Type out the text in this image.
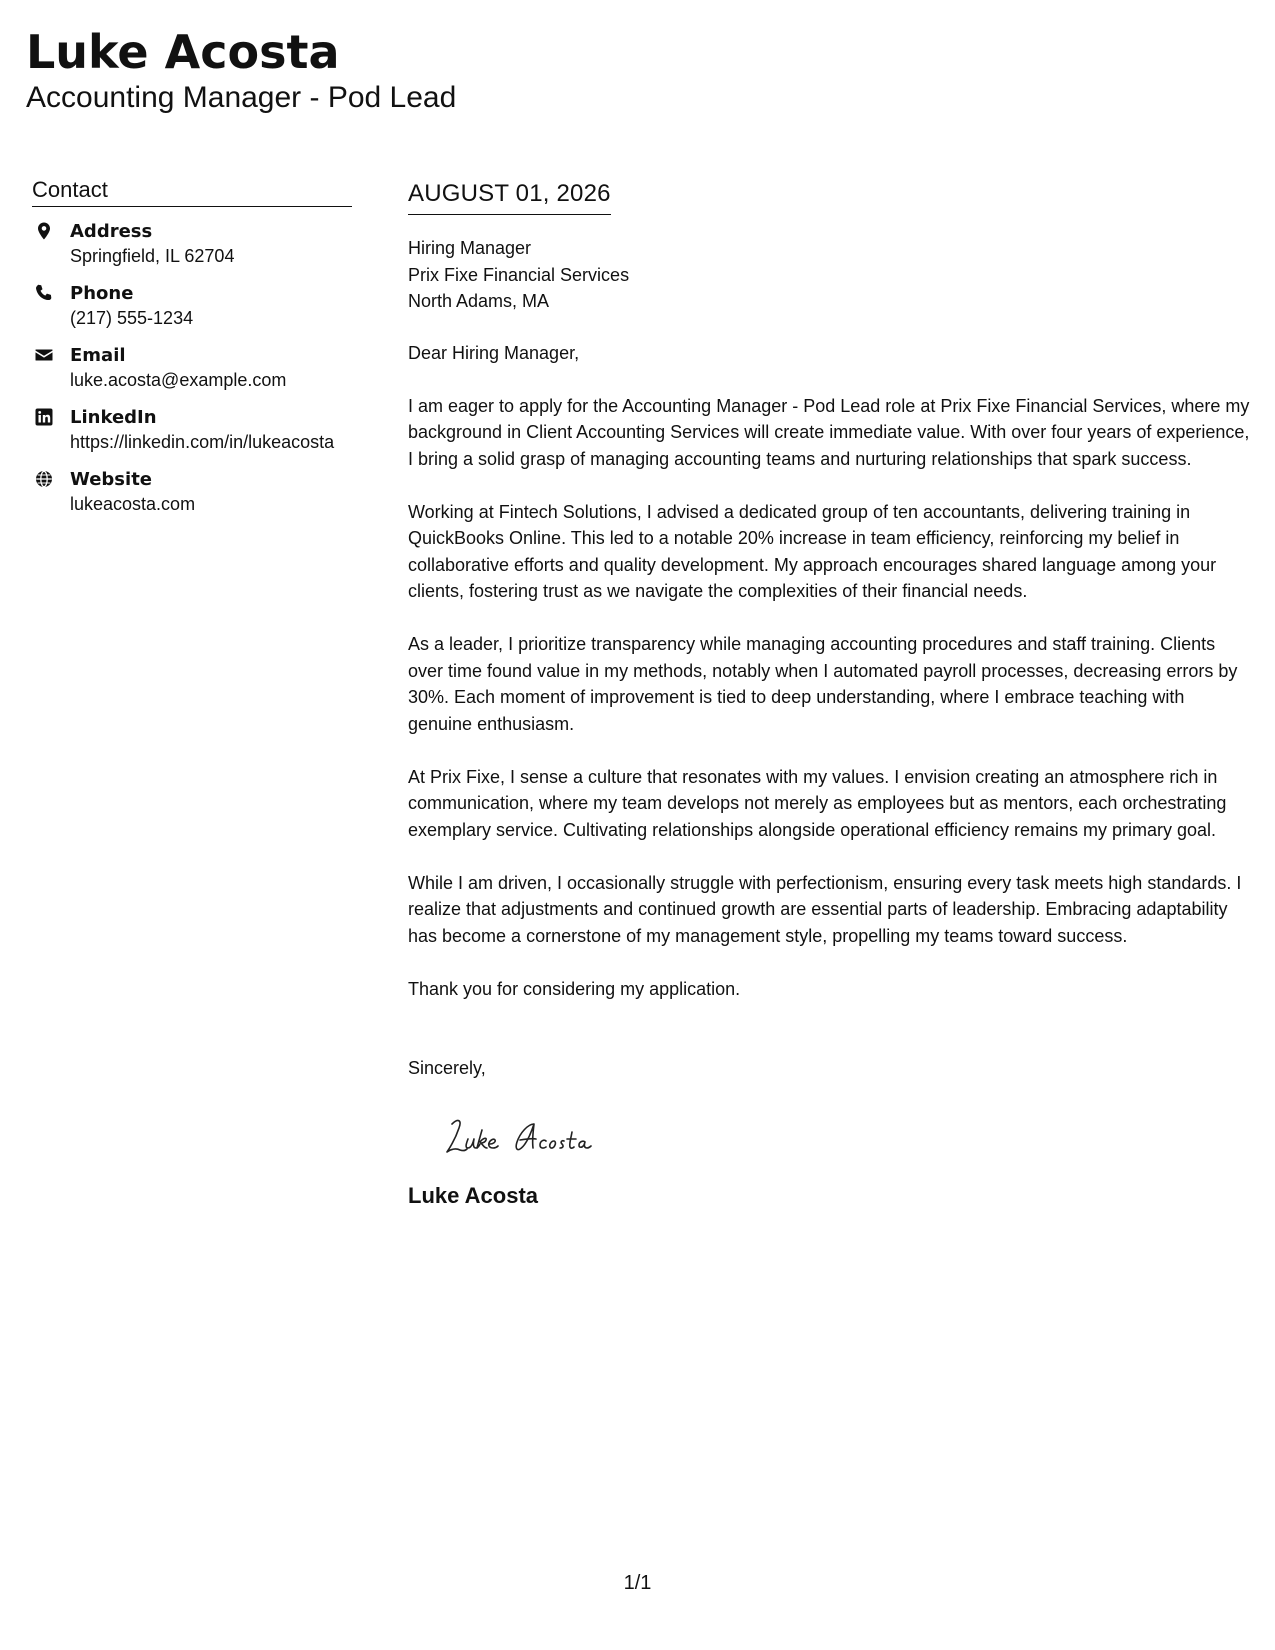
Luke Acosta
Accounting Manager - Pod Lead
Contact
Address
Springfield, IL 62704
Phone
(217) 555-1234
Email
luke.acosta@example.com
LinkedIn
https://linkedin.com/in/lukeacosta
Website
lukeacosta.com
AUGUST 01, 2026
Hiring Manager
Prix Fixe Financial Services
North Adams, MA

Dear Hiring Manager,

I am eager to apply for the Accounting Manager - Pod Lead role at Prix Fixe Financial Services, where my background in Client Accounting Services will create immediate value. With over four years of experience, I bring a solid grasp of managing accounting teams and nurturing relationships that spark success.

Working at Fintech Solutions, I advised a dedicated group of ten accountants, delivering training in QuickBooks Online. This led to a notable 20% increase in team efficiency, reinforcing my belief in collaborative efforts and quality development. My approach encourages shared language among your clients, fostering trust as we navigate the complexities of their financial needs.

As a leader, I prioritize transparency while managing accounting procedures and staff training. Clients over time found value in my methods, notably when I automated payroll processes, decreasing errors by 30%. Each moment of improvement is tied to deep understanding, where I embrace teaching with genuine enthusiasm.

At Prix Fixe, I sense a culture that resonates with my values. I envision creating an atmosphere rich in communication, where my team develops not merely as employees but as mentors, each orchestrating exemplary service. Cultivating relationships alongside operational efficiency remains my primary goal.

While I am driven, I occasionally struggle with perfectionism, ensuring every task meets high standards. I realize that adjustments and continued growth are essential parts of leadership. Embracing adaptability has become a cornerstone of my management style, propelling my teams toward success.

Thank you for considering my application.

Sincerely,

Luke Acosta
1/1
